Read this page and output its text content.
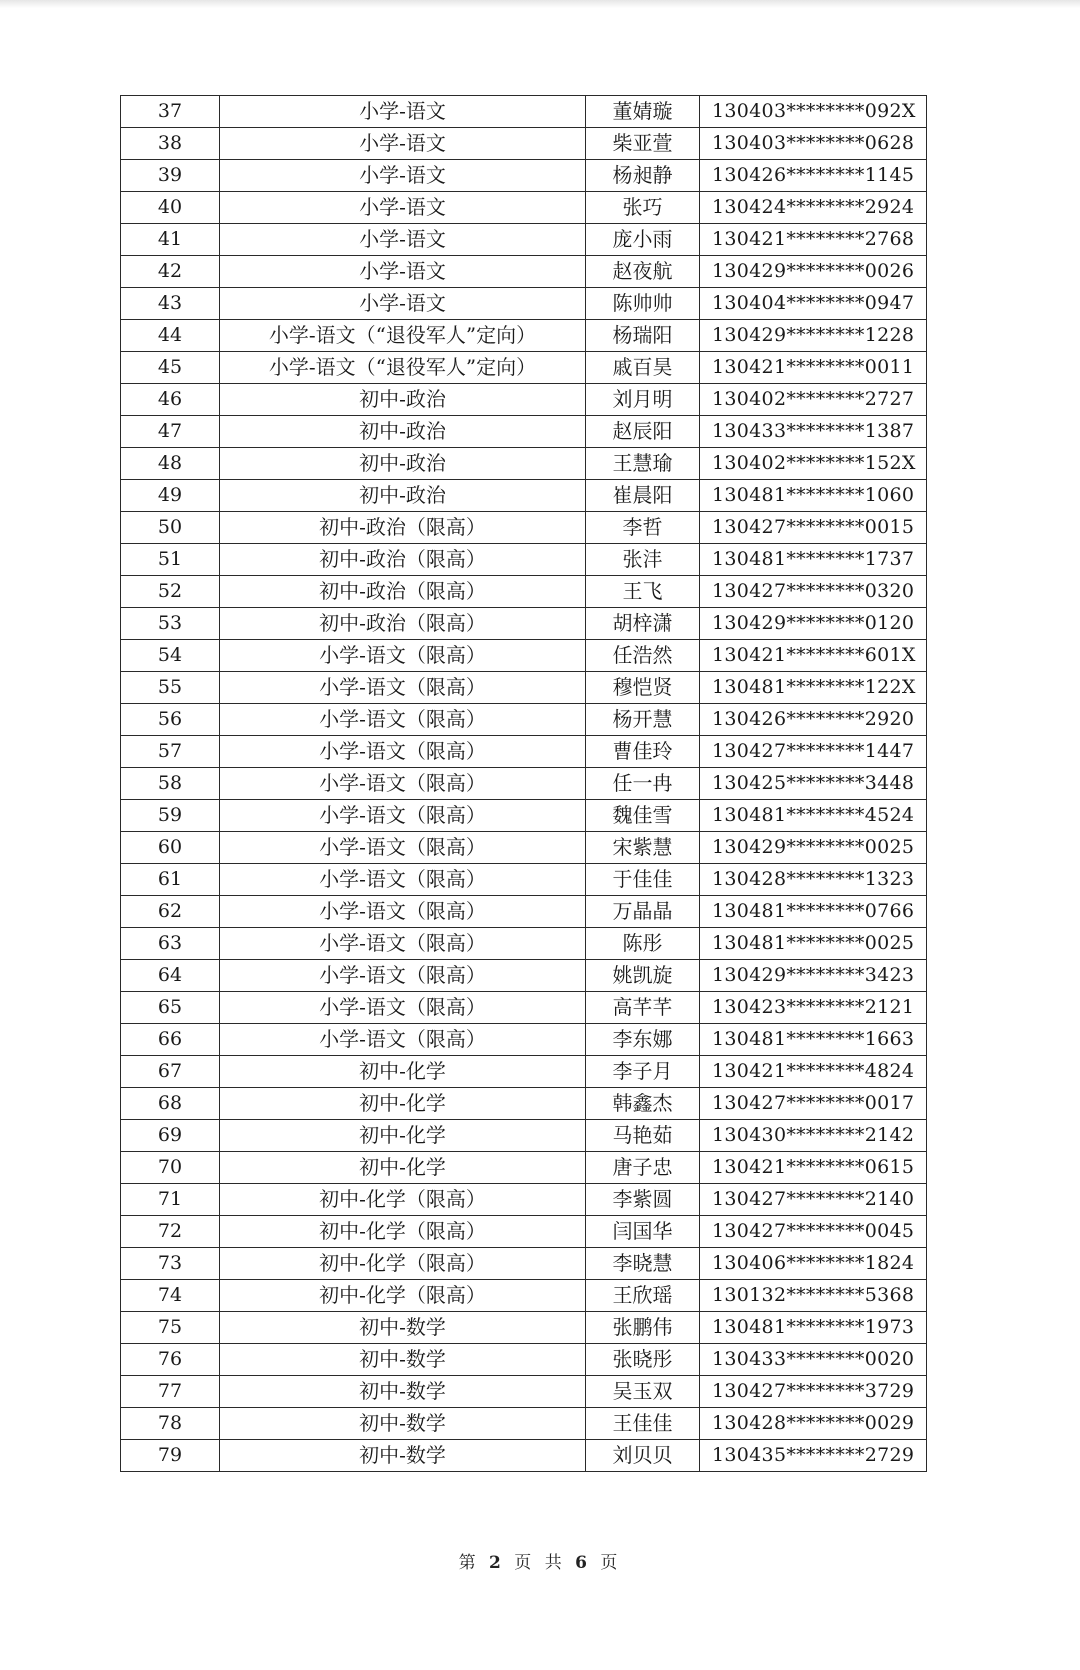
37	小学-语文	董婧璇	130403********092X
38	小学-语文	柴亚萱	130403********0628
39	小学-语文	杨昶静	130426********1145
40	小学-语文	张巧	130424********2924
41	小学-语文	庞小雨	130421********2768
42	小学-语文	赵夜航	130429********0026
43	小学-语文	陈帅帅	130404********0947
44	小学-语文（“退役军人”定向）	杨瑞阳	130429********1228
45	小学-语文（“退役军人”定向）	戚百昊	130421********0011
46	初中-政治	刘月明	130402********2727
47	初中-政治	赵辰阳	130433********1387
48	初中-政治	王慧瑜	130402********152X
49	初中-政治	崔晨阳	130481********1060
50	初中-政治（限高）	李哲	130427********0015
51	初中-政治（限高）	张沣	130481********1737
52	初中-政治（限高）	王飞	130427********0320
53	初中-政治（限高）	胡梓潇	130429********0120
54	小学-语文（限高）	任浩然	130421********601X
55	小学-语文（限高）	穆恺贤	130481********122X
56	小学-语文（限高）	杨开慧	130426********2920
57	小学-语文（限高）	曹佳玲	130427********1447
58	小学-语文（限高）	任一冉	130425********3448
59	小学-语文（限高）	魏佳雪	130481********4524
60	小学-语文（限高）	宋紫慧	130429********0025
61	小学-语文（限高）	于佳佳	130428********1323
62	小学-语文（限高）	万晶晶	130481********0766
63	小学-语文（限高）	陈彤	130481********0025
64	小学-语文（限高）	姚凯旋	130429********3423
65	小学-语文（限高）	高芊芊	130423********2121
66	小学-语文（限高）	李东娜	130481********1663
67	初中-化学	李子月	130421********4824
68	初中-化学	韩鑫杰	130427********0017
69	初中-化学	马艳茹	130430********2142
70	初中-化学	唐子忠	130421********0615
71	初中-化学（限高）	李紫圆	130427********2140
72	初中-化学（限高）	闫国华	130427********0045
73	初中-化学（限高）	李晓慧	130406********1824
74	初中-化学（限高）	王欣瑶	130132********5368
75	初中-数学	张鹏伟	130481********1973
76	初中-数学	张晓彤	130433********0020
77	初中-数学	吴玉双	130427********3729
78	初中-数学	王佳佳	130428********0029
79	初中-数学	刘贝贝	130435********2729
第 2 页 共 6 页
